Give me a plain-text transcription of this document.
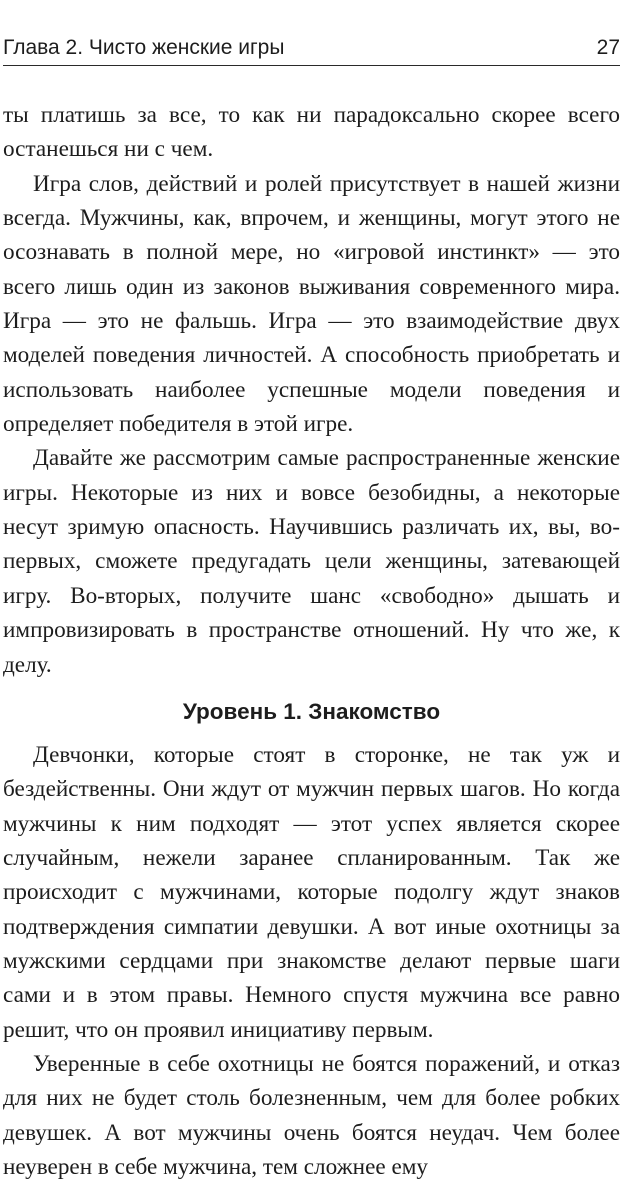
Глава 2. Чисто женские игры	27

ты платишь за все, то как ни парадоксально скорее всего останешься ни с чем.

Игра слов, действий и ролей присутствует в нашей жизни всегда. Мужчины, как, впрочем, и женщины, могут этого не осознавать в полной мере, но «игровой инстинкт» — это всего лишь один из законов выживания современного мира. Игра — это не фальшь. Игра — это взаимодействие двух моделей поведения личностей. А способность приобретать и использовать наиболее успешные модели поведения и определяет победителя в этой игре.

Давайте же рассмотрим самые распространенные женские игры. Некоторые из них и вовсе безобидны, а некоторые несут зримую опасность. Научившись различать их, вы, во-первых, сможете предугадать цели женщины, затевающей игру. Во-вторых, получите шанс «свободно» дышать и импровизировать в пространстве отношений. Ну что же, к делу.

Уровень 1. Знакомство

Девчонки, которые стоят в сторонке, не так уж и бездейственны. Они ждут от мужчин первых шагов. Но когда мужчины к ним подходят — этот успех является скорее случайным, нежели заранее спланированным. Так же происходит с мужчинами, которые подолгу ждут знаков подтверждения симпатии девушки. А вот иные охотницы за мужскими сердцами при знакомстве делают первые шаги сами и в этом правы. Немного спустя мужчина все равно решит, что он проявил инициативу первым.

Уверенные в себе охотницы не боятся поражений, и отказ для них не будет столь болезненным, чем для более робких девушек. А вот мужчины очень боятся неудач. Чем более неуверен в себе мужчина, тем сложнее ему
